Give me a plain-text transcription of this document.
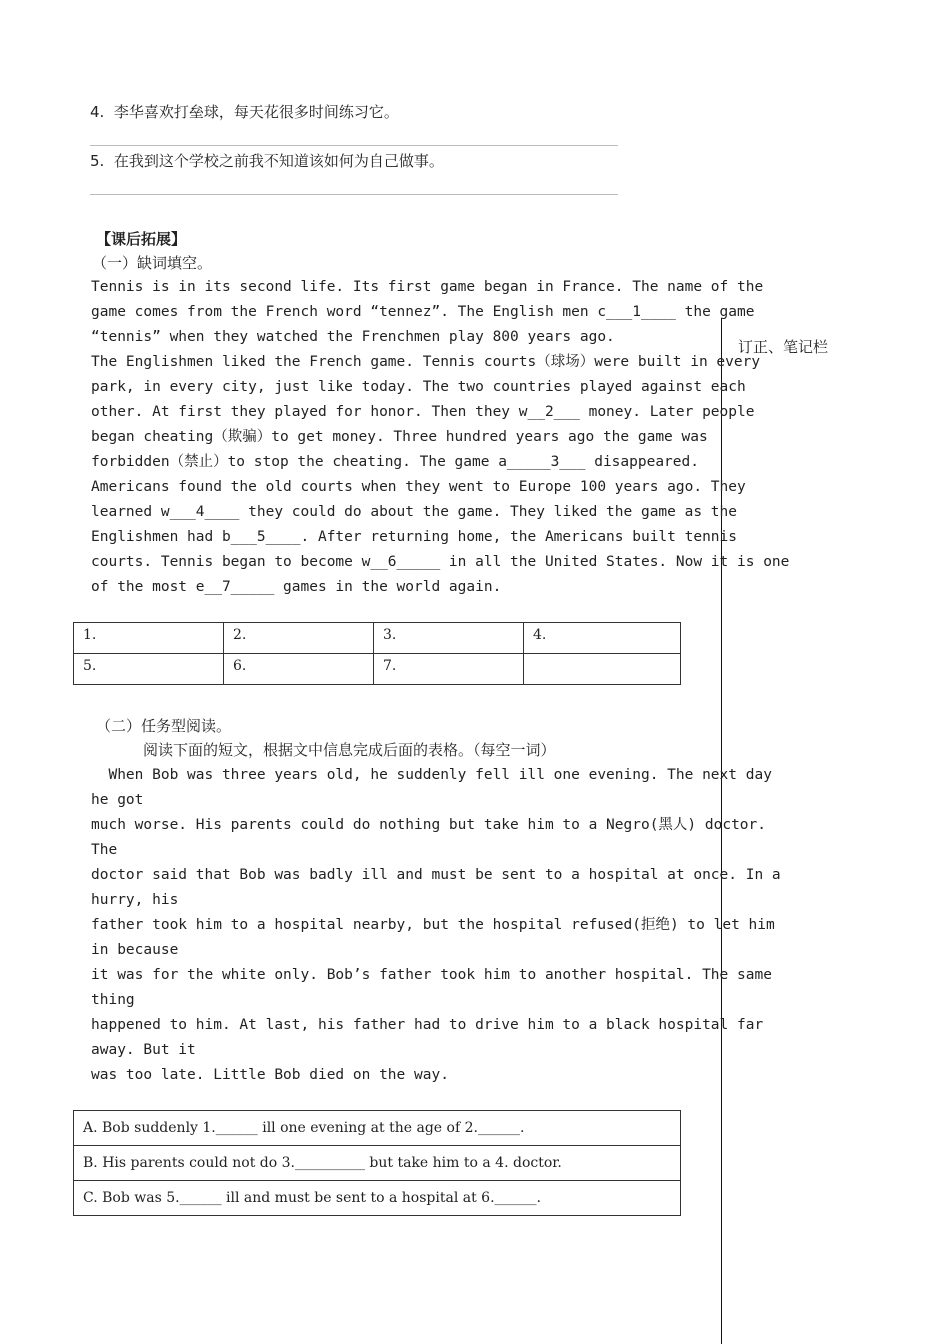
4.  李华喜欢打垒球，每天花很多时间练习它。
5.  在我到这个学校之前我不知道该如何为自己做事。
【课后拓展】
（一）缺词填空。
订正、笔记栏
Tennis is in its second life. Its first game began in France. The name of the
game comes from the French word “tennez”. The English men c___1____ the game
“tennis” when they watched the Frenchmen play 800 years ago.
The Englishmen liked the French game. Tennis courts（球场）were built in every
park, in every city, just like today. The two countries played against each
other. At first they played for honor. Then they w__2___ money. Later people
began cheating（欺骗）to get money. Three hundred years ago the game was
forbidden（禁止）to stop the cheating. The game a_____3___ disappeared.
Americans found the old courts when they went to Europe 100 years ago. They
learned w___4____ they could do about the game. They liked the game as the
Englishmen had b___5____. After returning home, the Americans built tennis
courts. Tennis began to become w__6_____ in all the United States. Now it is one
of the most e__7_____ games in the world again.
1.	2.	3.	4.
5.	6.	7.	
（二）任务型阅读。
阅读下面的短文，根据文中信息完成后面的表格。（每空一词）
When Bob was three years old, he suddenly fell ill one evening. The next day
he got
much worse. His parents could do nothing but take him to a Negro(黑人) doctor.
The
doctor said that Bob was badly ill and must be sent to a hospital at once. In a
hurry, his
father took him to a hospital nearby, but the hospital refused(拒绝) to let him
in because
it was for the white only. Bob’s father took him to another hospital. The same
thing
happened to him. At last, his father had to drive him to a black hospital far
away. But it
was too late. Little Bob died on the way.
A. Bob suddenly 1.______ ill one evening at the age of 2.______.
B. His parents could not do 3.__________ but take him to a 4. doctor.
C. Bob was 5.______ ill and must be sent to a hospital at 6.______.
